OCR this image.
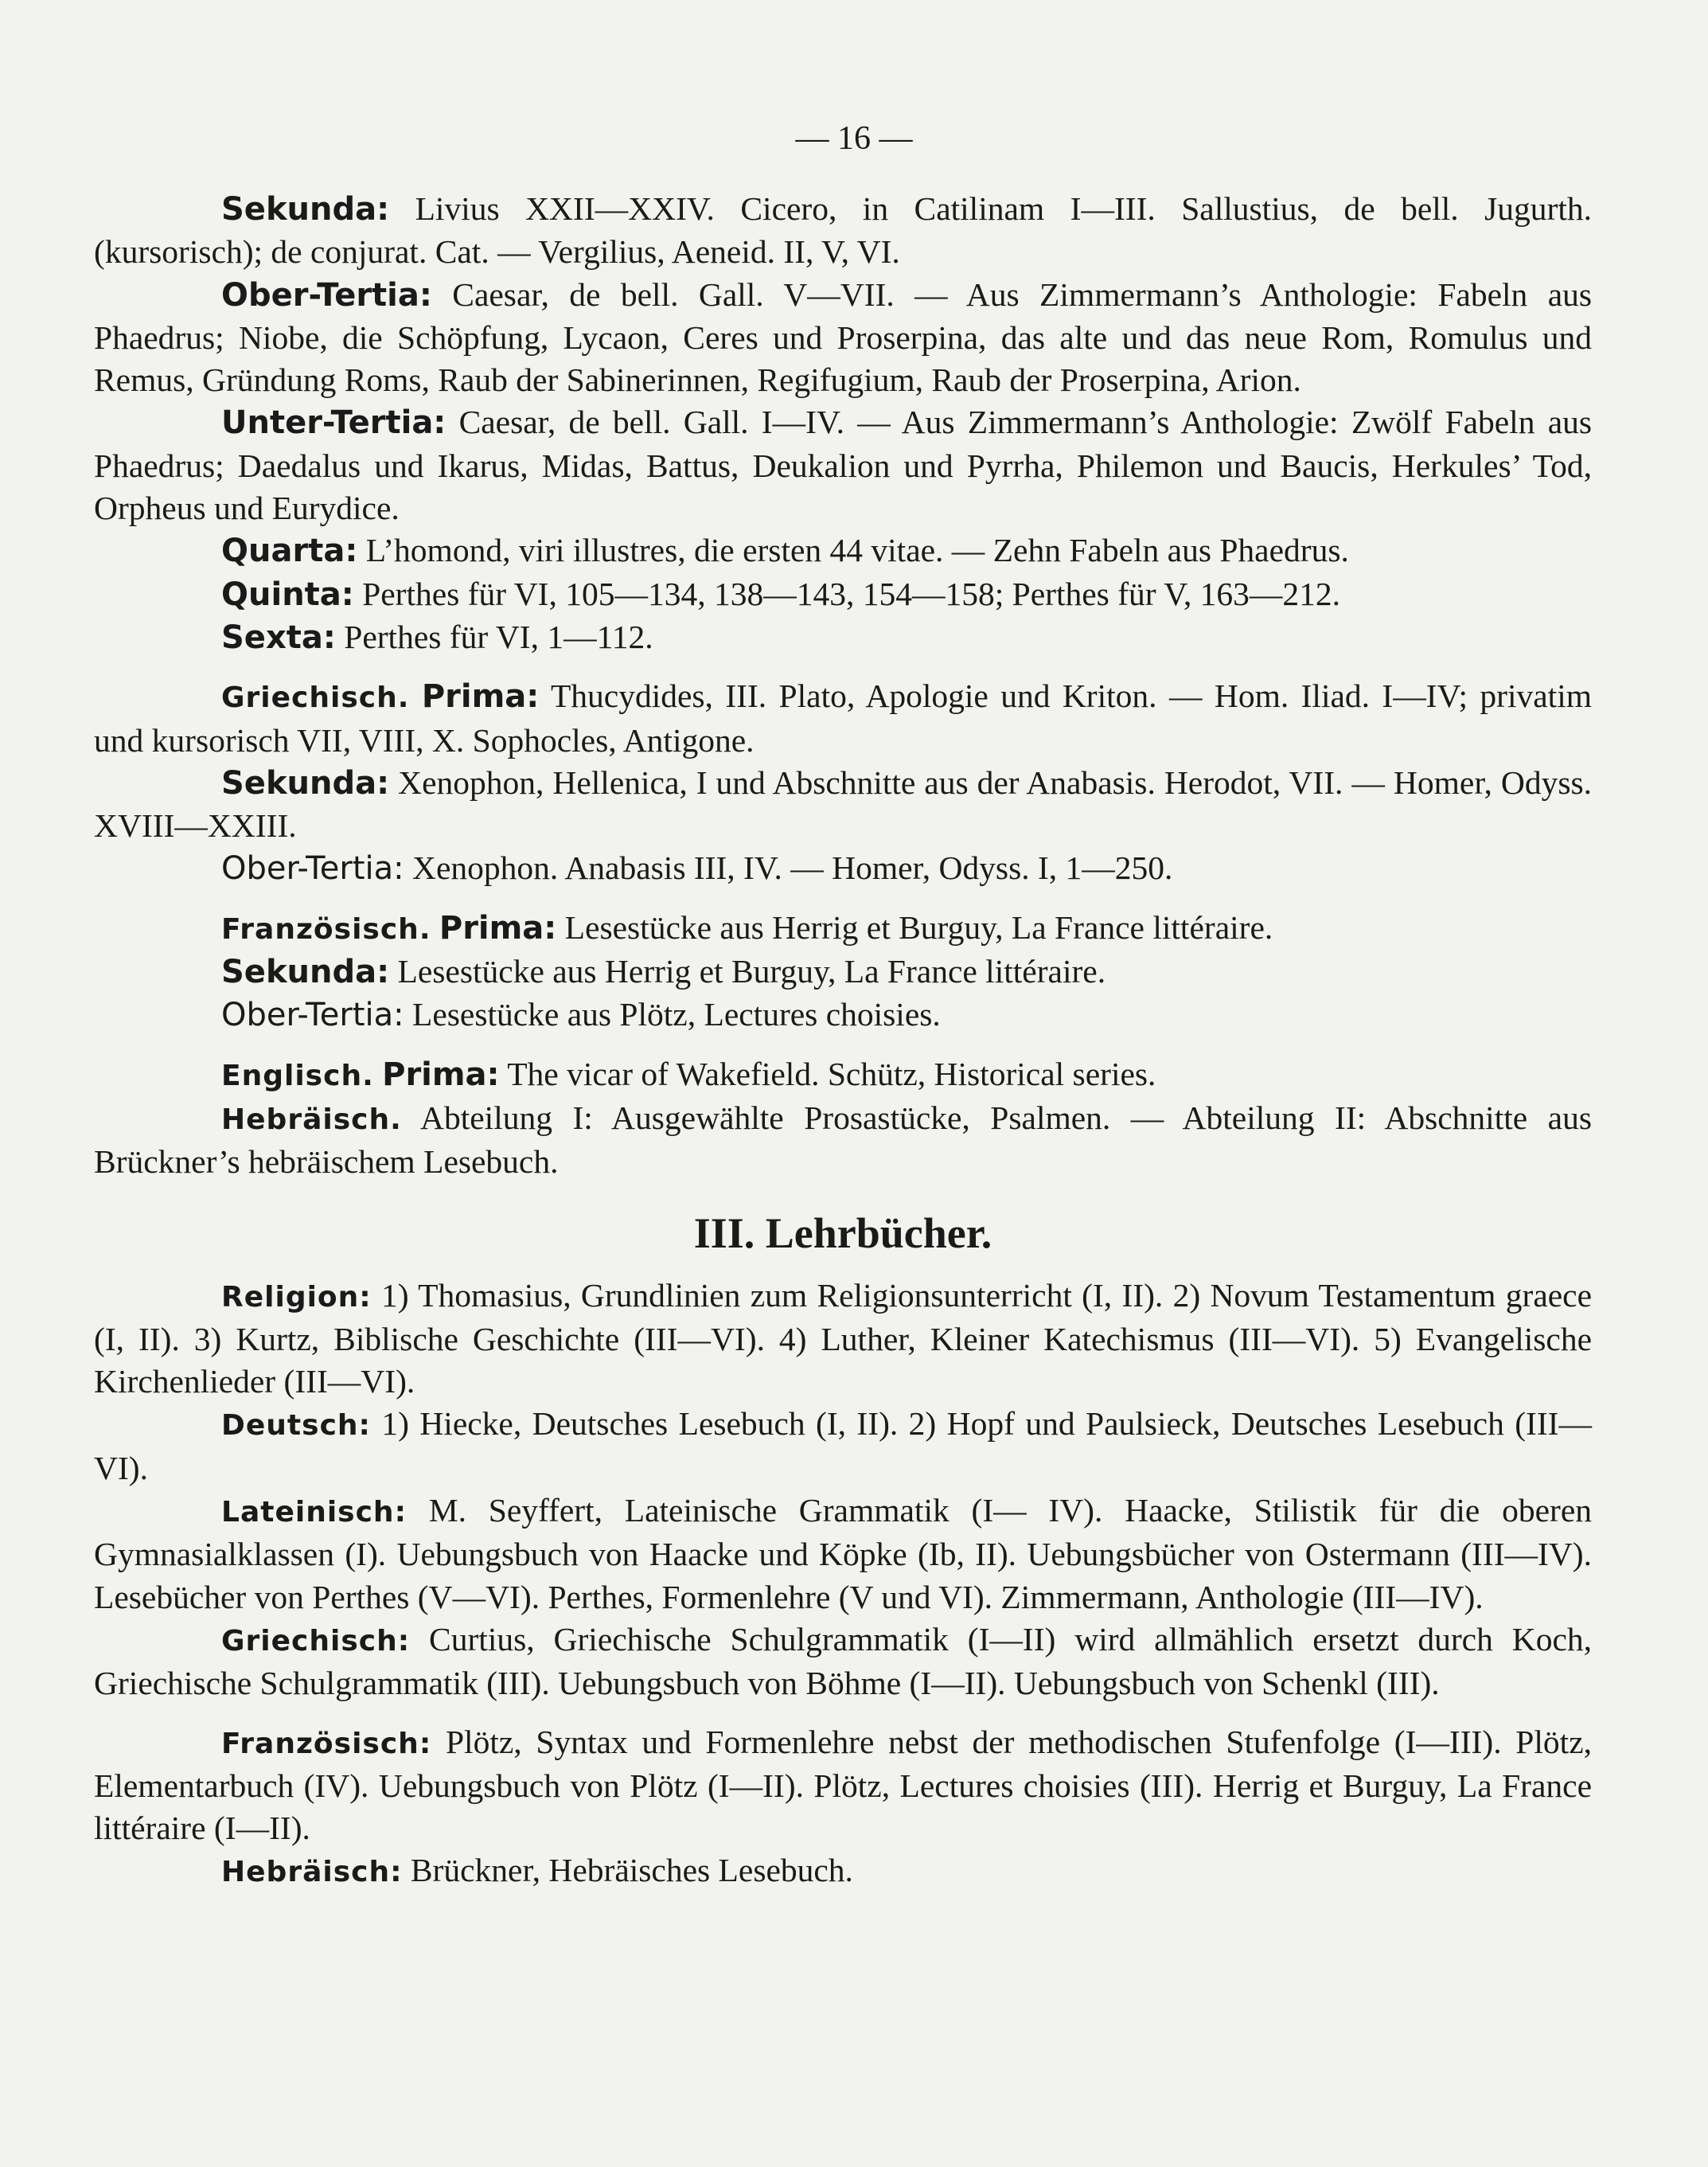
— 16 —

Sekunda: Livius XXII—XXIV. Cicero, in Catilinam I—III. Sallustius, de bell. Jugurth. (kursorisch); de conjurat. Cat. — Vergilius, Aeneid. II, V, VI.

Ober-Tertia: Caesar, de bell. Gall. V—VII. — Aus Zimmermann’s Anthologie: Fabeln aus Phaedrus; Niobe, die Schöpfung, Lycaon, Ceres und Proserpina, das alte und das neue Rom, Romulus und Remus, Gründung Roms, Raub der Sabinerinnen, Regifugium, Raub der Proserpina, Arion.

Unter-Tertia: Caesar, de bell. Gall. I—IV. — Aus Zimmermann’s Anthologie: Zwölf Fabeln aus Phaedrus; Daedalus und Ikarus, Midas, Battus, Deukalion und Pyrrha, Philemon und Baucis, Herkules’ Tod, Orpheus und Eurydice.

Quarta: L’homond, viri illustres, die ersten 44 vitae. — Zehn Fabeln aus Phaedrus.

Quinta: Perthes für VI, 105—134, 138—143, 154—158; Perthes für V, 163—212.

Sexta: Perthes für VI, 1—112.

Griechisch. Prima: Thucydides, III. Plato, Apologie und Kriton. — Hom. Iliad. I—IV; privatim und kursorisch VII, VIII, X. Sophocles, Antigone.

Sekunda: Xenophon, Hellenica, I und Abschnitte aus der Anabasis. Herodot, VII. — Homer, Odyss. XVIII—XXIII.

Ober-Tertia: Xenophon. Anabasis III, IV. — Homer, Odyss. I, 1—250.

Französisch. Prima: Lesestücke aus Herrig et Burguy, La France littéraire.

Sekunda: Lesestücke aus Herrig et Burguy, La France littéraire.

Ober-Tertia: Lesestücke aus Plötz, Lectures choisies.

Englisch. Prima: The vicar of Wakefield. Schütz, Historical series.

Hebräisch. Abteilung I: Ausgewählte Prosastücke, Psalmen. — Abteilung II: Abschnitte aus Brückner’s hebräischem Lesebuch.

III. Lehrbücher.

Religion: 1) Thomasius, Grundlinien zum Religionsunterricht (I, II). 2) Novum Testamentum graece (I, II). 3) Kurtz, Biblische Geschichte (III—VI). 4) Luther, Kleiner Katechismus (III—VI). 5) Evangelische Kirchenlieder (III—VI).

Deutsch: 1) Hiecke, Deutsches Lesebuch (I, II). 2) Hopf und Paulsieck, Deutsches Lesebuch (III—VI).

Lateinisch: M. Seyffert, Lateinische Grammatik (I— IV). Haacke, Stilistik für die oberen Gymnasialklassen (I). Uebungsbuch von Haacke und Köpke (Ib, II). Uebungsbücher von Ostermann (III—IV). Lesebücher von Perthes (V—VI). Perthes, Formenlehre (V und VI). Zimmermann, Anthologie (III—IV).

Griechisch: Curtius, Griechische Schulgrammatik (I—II) wird allmählich ersetzt durch Koch, Griechische Schulgrammatik (III). Uebungsbuch von Böhme (I—II). Uebungsbuch von Schenkl (III).

Französisch: Plötz, Syntax und Formenlehre nebst der methodischen Stufenfolge (I—III). Plötz, Elementarbuch (IV). Uebungsbuch von Plötz (I—II). Plötz, Lectures choisies (III). Herrig et Burguy, La France littéraire (I—II).

Hebräisch: Brückner, Hebräisches Lesebuch.
